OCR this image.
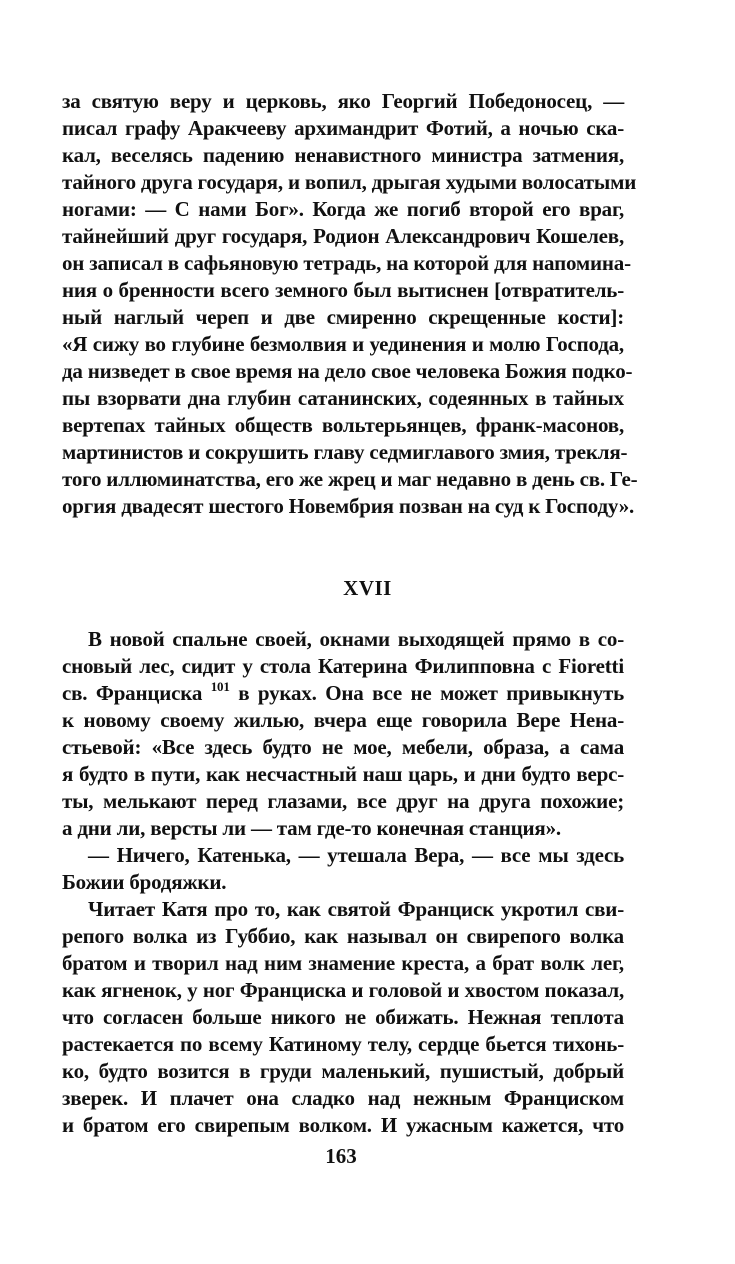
за святую веру и церковь, яко Георгий Победоносец, —
писал графу Аракчееву архимандрит Фотий, а ночью ска-
кал, веселясь падению ненавистного министра затмения,
тайного друга государя, и вопил, дрыгая худыми волосатыми
ногами: — С нами Бог». Когда же погиб второй его враг,
тайнейший друг государя, Родион Александрович Кошелев,
он записал в сафьяновую тетрадь, на которой для напомина-
ния о бренности всего земного был вытиснен [отвратитель-
ный наглый череп и две смиренно скрещенные кости]:
«Я сижу во глубине безмолвия и уединения и молю Господа,
да низведет в свое время на дело свое человека Божия подко-
пы взорвати дна глубин сатанинских, содеянных в тайных
вертепах тайных обществ вольтерьянцев, франк-масонов,
мартинистов и сокрушить главу седмиглавого змия, трекля-
того иллюминатства, его же жрец и маг недавно в день св. Ге-
оргия двадесят шестого Новембрия позван на суд к Господу».
XVII
В новой спальне своей, окнами выходящей прямо в со-
сновый лес, сидит у стола Катерина Филипповна с Fioretti
св. Франциска $^{101}$ в руках. Она все не может привыкнуть
к новому своему жилью, вчера еще говорила Вере Нена-
стьевой: «Все здесь будто не мое, мебели, образа, а сама
я будто в пути, как несчастный наш царь, и дни будто верс-
ты, мелькают перед глазами, все друг на друга похожие;
а дни ли, версты ли — там где-то конечная станция».
— Ничего, Катенька, — утешала Вера, — все мы здесь
Божии бродяжки.
Читает Катя про то, как святой Франциск укротил сви-
репого волка из Губбио, как называл он свирепого волка
братом и творил над ним знамение креста, а брат волк лег,
как ягненок, у ног Франциска и головой и хвостом показал,
что согласен больше никого не обижать. Нежная теплота
растекается по всему Катиному телу, сердце бьется тихонь-
ко, будто возится в груди маленький, пушистый, добрый
зверек. И плачет она сладко над нежным Франциском
и братом его свирепым волком. И ужасным кажется, что
163
